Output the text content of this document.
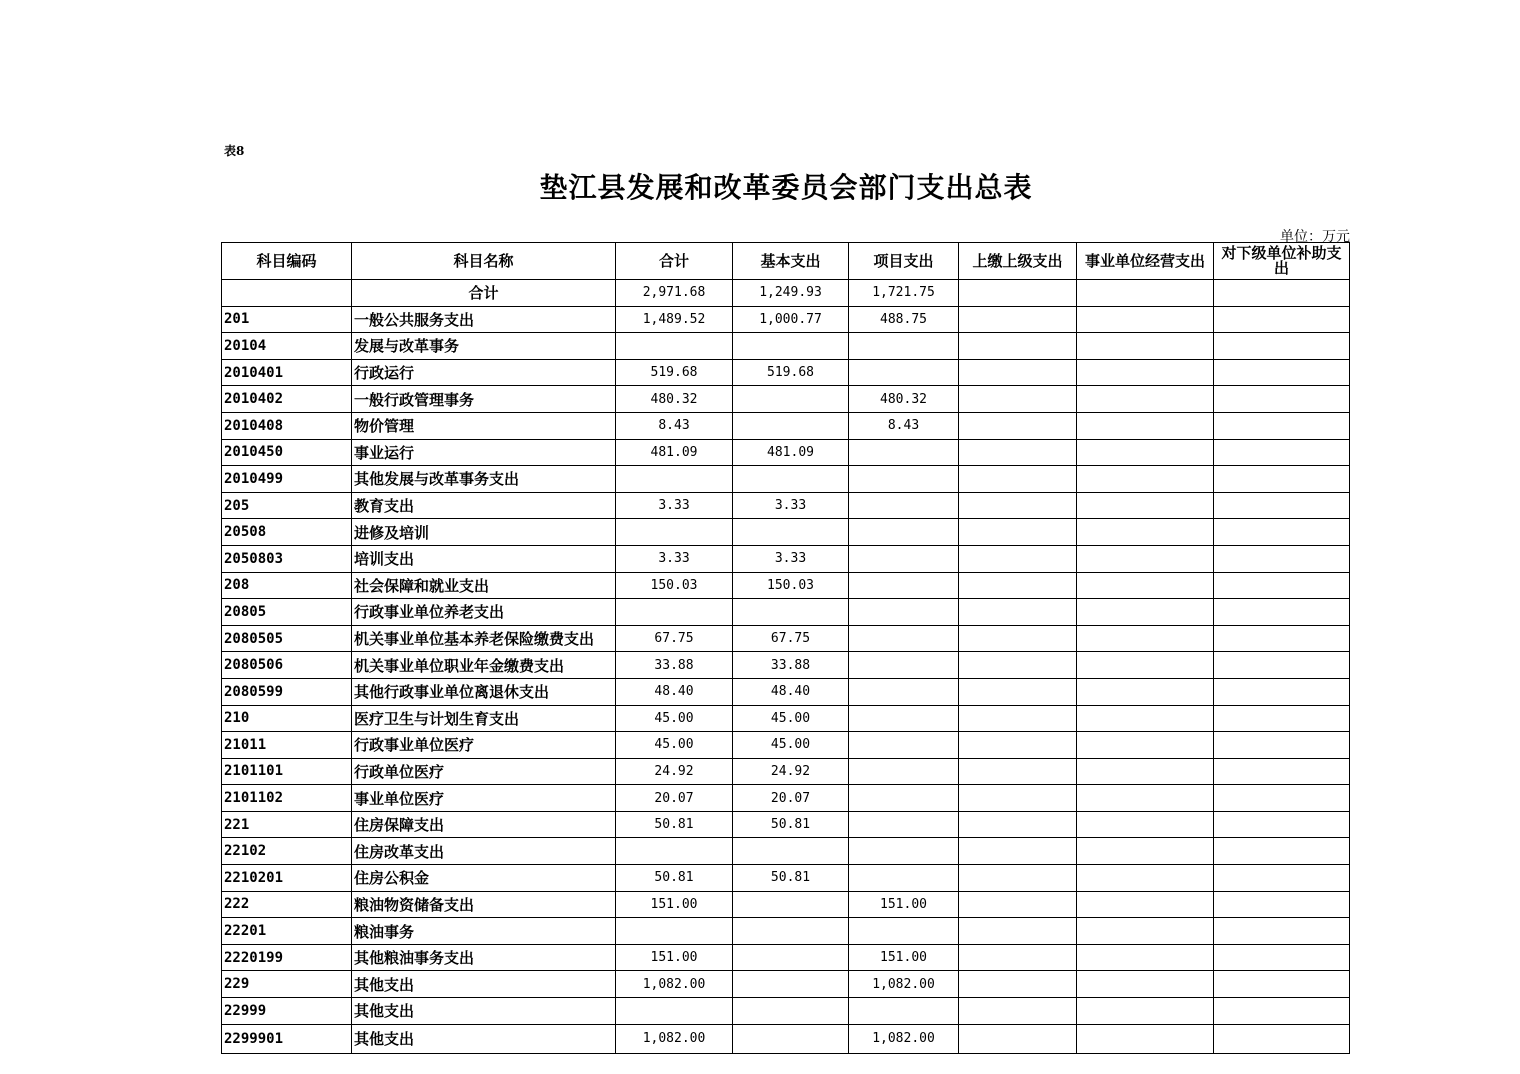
表8
垫江县发展和改革委员会部门支出总表
单位：万元
科目编码	科目名称	合计	基本支出	项目支出	上缴上级支出	事业单位经营支出	对下级单位补助支出
	合计	2,971.68	1,249.93	1,721.75			
201	一般公共服务支出	1,489.52	1,000.77	488.75			
20104	发展与改革事务						
2010401	行政运行	519.68	519.68				
2010402	一般行政管理事务	480.32		480.32			
2010408	物价管理	8.43		8.43			
2010450	事业运行	481.09	481.09				
2010499	其他发展与改革事务支出						
205	教育支出	3.33	3.33				
20508	进修及培训						
2050803	培训支出	3.33	3.33				
208	社会保障和就业支出	150.03	150.03				
20805	行政事业单位养老支出						
2080505	机关事业单位基本养老保险缴费支出	67.75	67.75				
2080506	机关事业单位职业年金缴费支出	33.88	33.88				
2080599	其他行政事业单位离退休支出	48.40	48.40				
210	医疗卫生与计划生育支出	45.00	45.00				
21011	行政事业单位医疗	45.00	45.00				
2101101	行政单位医疗	24.92	24.92				
2101102	事业单位医疗	20.07	20.07				
221	住房保障支出	50.81	50.81				
22102	住房改革支出						
2210201	住房公积金	50.81	50.81				
222	粮油物资储备支出	151.00		151.00			
22201	粮油事务						
2220199	其他粮油事务支出	151.00		151.00			
229	其他支出	1,082.00		1,082.00			
22999	其他支出						
2299901	其他支出	1,082.00		1,082.00			
